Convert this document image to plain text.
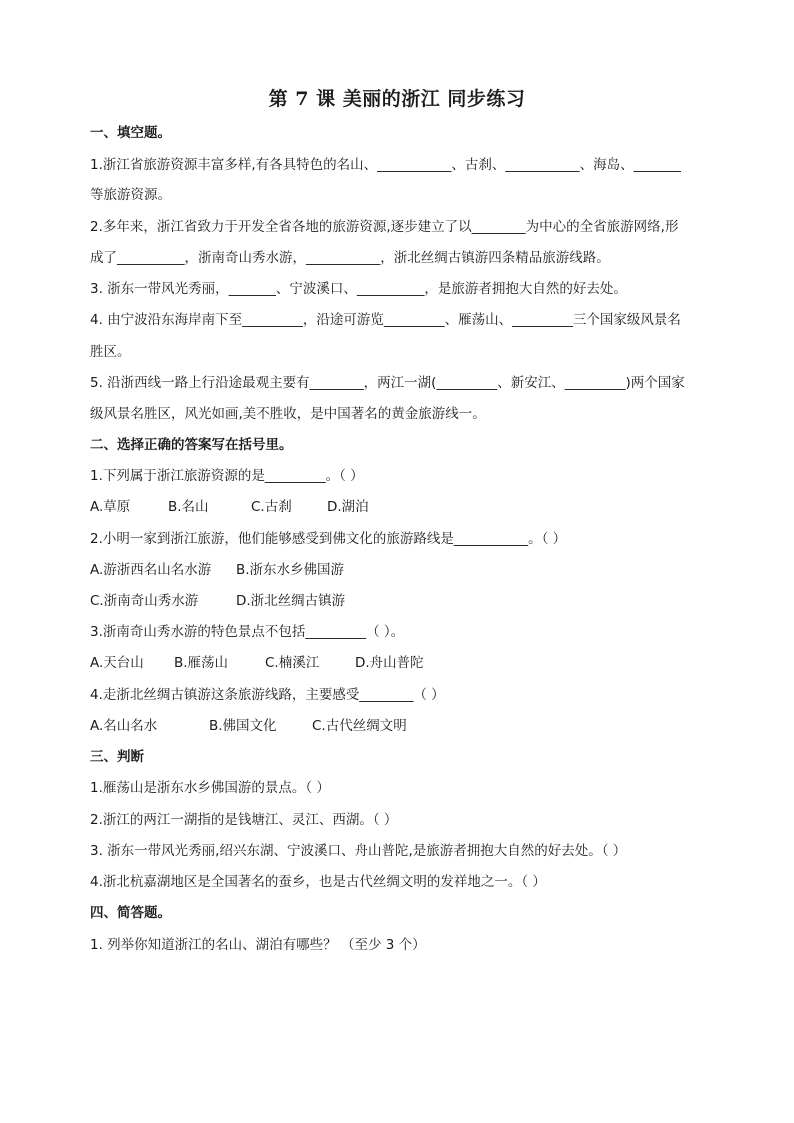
第 7 课 美丽的浙江 同步练习
一、填空题。
1.浙江省旅游资源丰富多样,有各具特色的名山、___________、古刹、___________、海岛、_______
等旅游资源。
2.多年来，浙江省致力于开发全省各地的旅游资源,逐步建立了以________为中心的全省旅游网络,形
成了__________，浙南奇山秀水游，___________，浙北丝绸古镇游四条精品旅游线路。
3. 浙东一带风光秀丽，_______、宁波溪口、__________，是旅游者拥抱大自然的好去处。
4. 由宁波沿东海岸南下至_________，沿途可游览_________、雁荡山、_________三个国家级风景名
胜区。
5. 沿浙西线一路上行沿途最观主要有________，两江一湖(_________、新安江、_________)两个国家
级风景名胜区，风光如画,美不胜收，是中国著名的黄金旅游线一。
二、选择正确的答案写在括号里。
1.下列属于浙江旅游资源的是_________。（ ）
A.草原	B.名山	C.古刹	D.湖泊
2.小明一家到浙江旅游，他们能够感受到佛文化的旅游路线是___________。（ ）
A.游浙西名山名水游 B.浙东水乡佛国游
C.浙南奇山秀水游	D.浙北丝绸古镇游
3.浙南奇山秀水游的特色景点不包括_________（ ）。
A.天台山 B.雁荡山	C.楠溪江	D.舟山普陀
4.走浙北丝绸古镇游这条旅游线路，主要感受________（ ）
A.名山名水	B.佛国文化	C.古代丝绸文明
三、判断
1.雁荡山是浙东水乡佛国游的景点。（ ）
2.浙江的两江一湖指的是钱塘江、灵江、西湖。（ ）
3. 浙东一带风光秀丽,绍兴东湖、宁波溪口、舟山普陀,是旅游者拥抱大自然的好去处。（ ）
4.浙北杭嘉湖地区是全国著名的蚕乡，也是古代丝绸文明的发祥地之一。（ ）
四、简答题。
1. 列举你知道浙江的名山、湖泊有哪些？ （至少 3 个）
